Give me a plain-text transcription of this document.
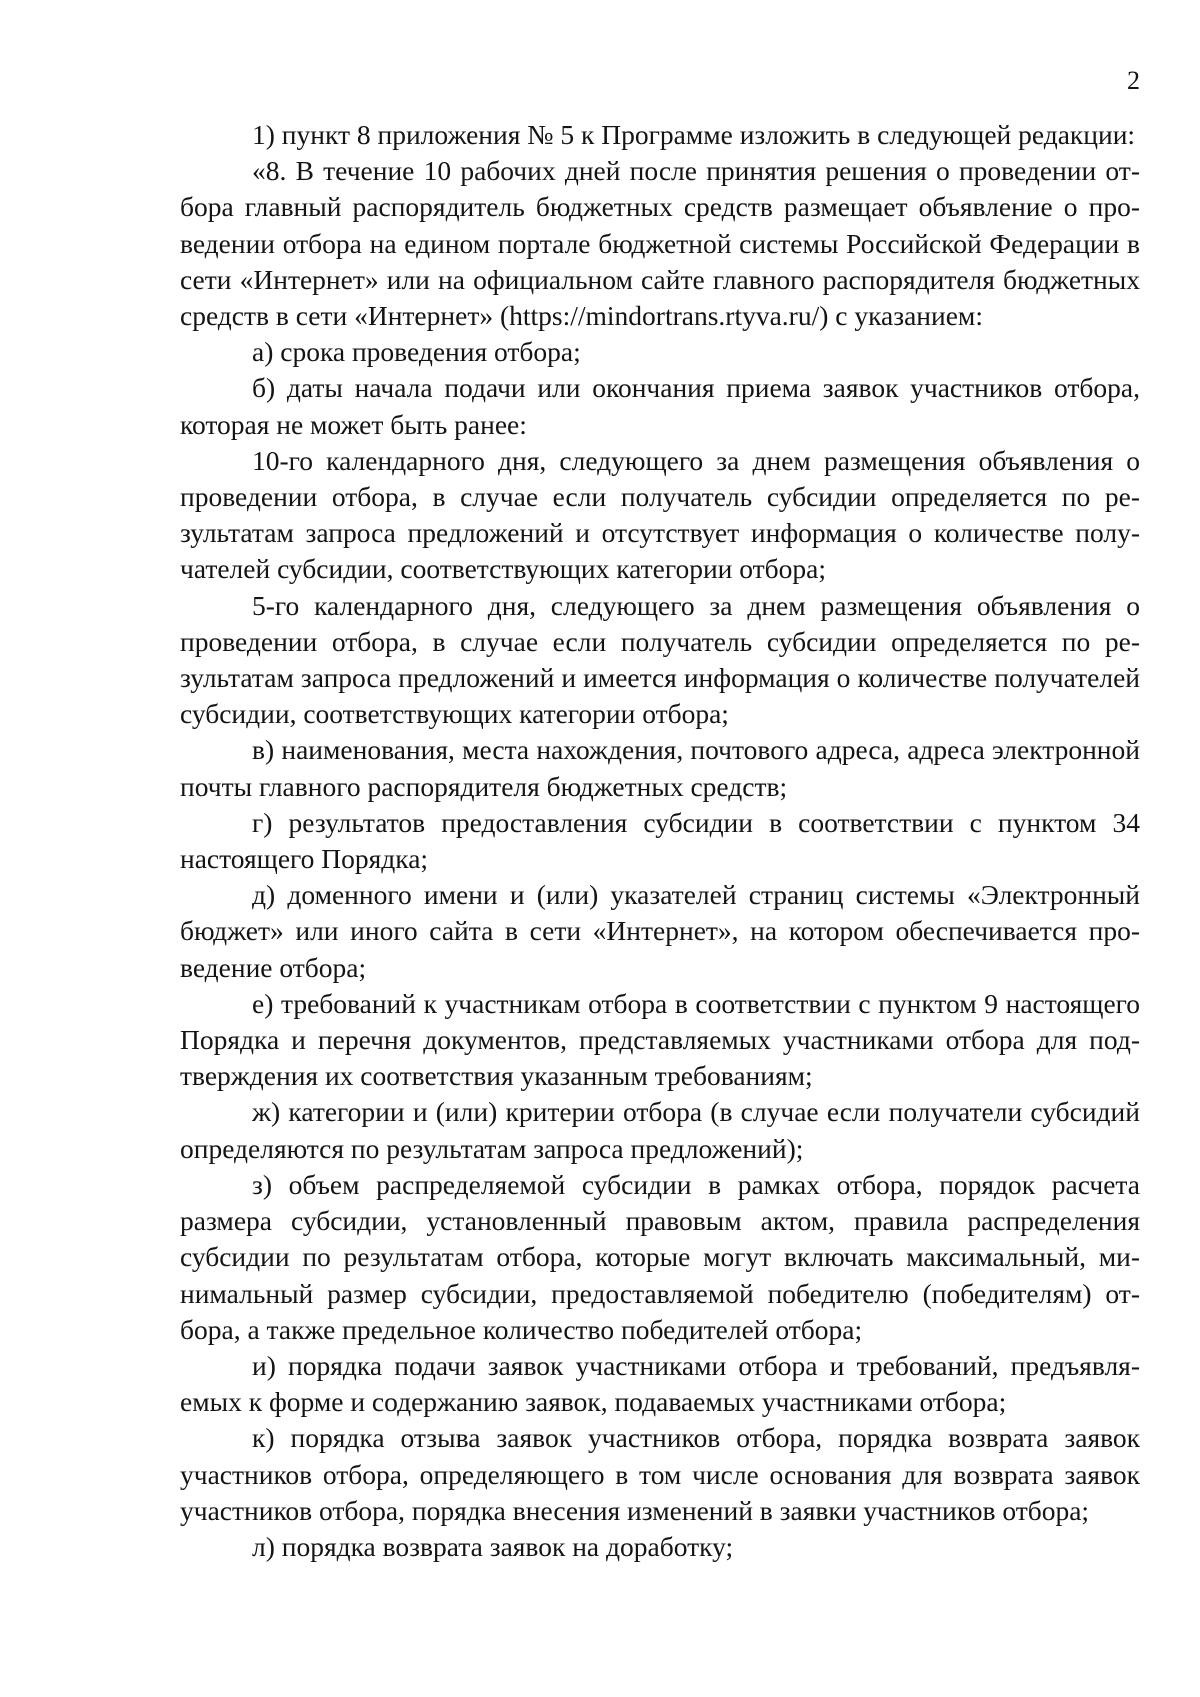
2

1) пункт 8 приложения № 5 к Программе изложить в следующей редакции:

«8. В течение 10 рабочих дней после принятия решения о проведении отбора главный распорядитель бюджетных средств размещает объявление о проведении отбора на едином портале бюджетной системы Российской Федерации в сети «Интернет» или на официальном сайте главного распорядителя бюджетных средств в сети «Интернет» (https://mindortrans.rtyva.ru/) с указанием:

а) срока проведения отбора;

б) даты начала подачи или окончания приема заявок участников отбора, которая не может быть ранее:

10-го календарного дня, следующего за днем размещения объявления о проведении отбора, в случае если получатель субсидии определяется по результатам запроса предложений и отсутствует информация о количестве получателей субсидии, соответствующих категории отбора;

5-го календарного дня, следующего за днем размещения объявления о проведении отбора, в случае если получатель субсидии определяется по результатам запроса предложений и имеется информация о количестве получателей субсидии, соответствующих категории отбора;

в) наименования, места нахождения, почтового адреса, адреса электронной почты главного распорядителя бюджетных средств;

г) результатов предоставления субсидии в соответствии с пунктом 34 настоящего Порядка;

д) доменного имени и (или) указателей страниц системы «Электронный бюджет» или иного сайта в сети «Интернет», на котором обеспечивается проведение отбора;

е) требований к участникам отбора в соответствии с пунктом 9 настоящего Порядка и перечня документов, представляемых участниками отбора для подтверждения их соответствия указанным требованиям;

ж) категории и (или) критерии отбора (в случае если получатели субсидий определяются по результатам запроса предложений);

з) объем распределяемой субсидии в рамках отбора, порядок расчета размера субсидии, установленный правовым актом, правила распределения субсидии по результатам отбора, которые могут включать максимальный, минимальный размер субсидии, предоставляемой победителю (победителям) отбора, а также предельное количество победителей отбора;

и) порядка подачи заявок участниками отбора и требований, предъявляемых к форме и содержанию заявок, подаваемых участниками отбора;

к) порядка отзыва заявок участников отбора, порядка возврата заявок участников отбора, определяющего в том числе основания для возврата заявок участников отбора, порядка внесения изменений в заявки участников отбора;

л) порядка возврата заявок на доработку;
